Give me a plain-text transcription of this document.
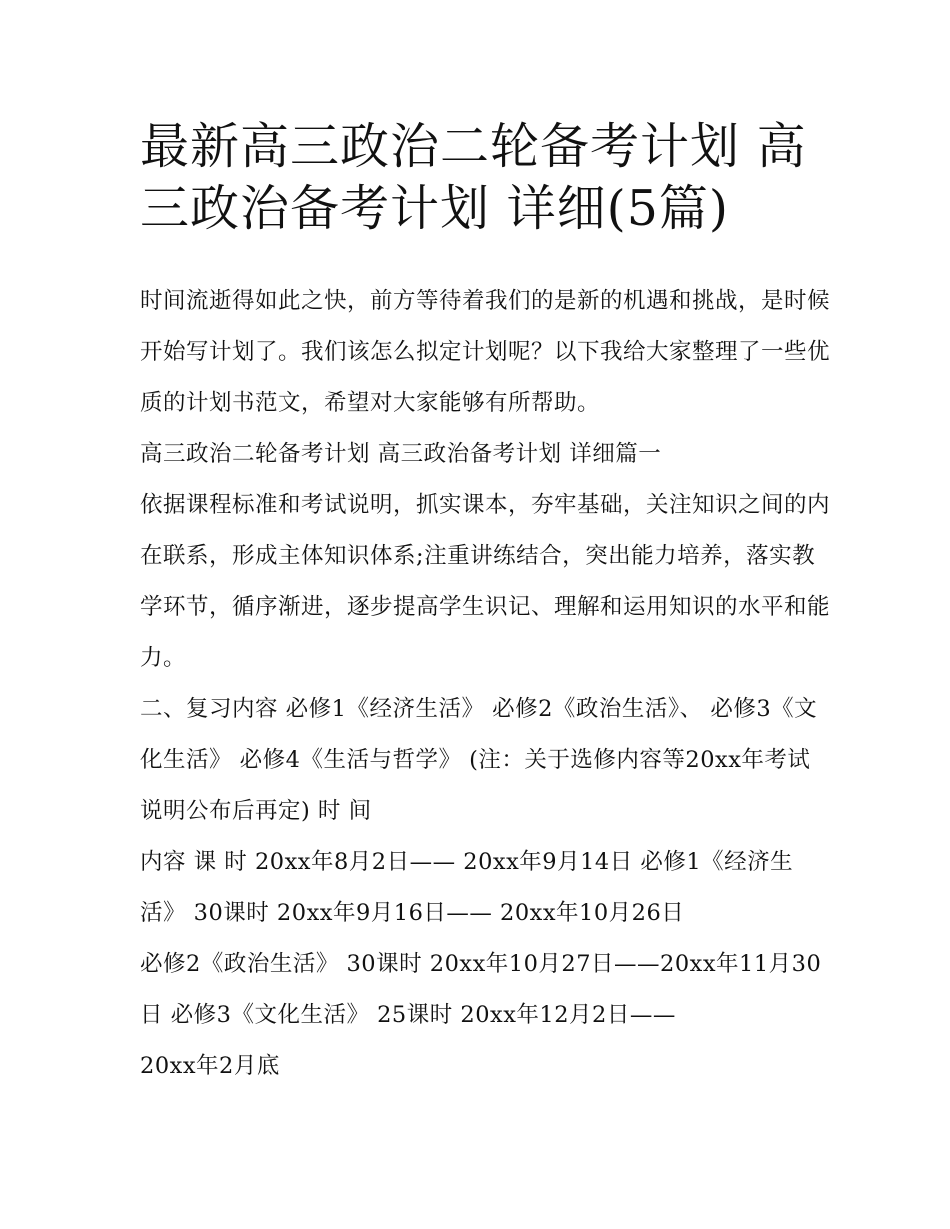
最新高三政治二轮备考计划 高三政治备考计划 详细(5篇)

时间流逝得如此之快，前方等待着我们的是新的机遇和挑战，是时候开始写计划了。我们该怎么拟定计划呢？以下我给大家整理了一些优质的计划书范文，希望对大家能够有所帮助。

高三政治二轮备考计划 高三政治备考计划 详细篇一

依据课程标准和考试说明，抓实课本，夯牢基础，关注知识之间的内在联系，形成主体知识体系;注重讲练结合，突出能力培养，落实教学环节，循序渐进，逐步提高学生识记、理解和运用知识的水平和能力。

二、复习内容 必修1《经济生活》 必修2《政治生活》、 必修3《文化生活》 必修4《生活与哲学》 (注：关于选修内容等20xx年考试说明公布后再定) 时 间

内容 课 时 20xx年8月2日—— 20xx年9月14日 必修1《经济生活》 30课时 20xx年9月16日—— 20xx年10月26日

必修2《政治生活》 30课时 20xx年10月27日——20xx年11月30日 必修3《文化生活》 25课时 20xx年12月2日——

20xx年2月底
